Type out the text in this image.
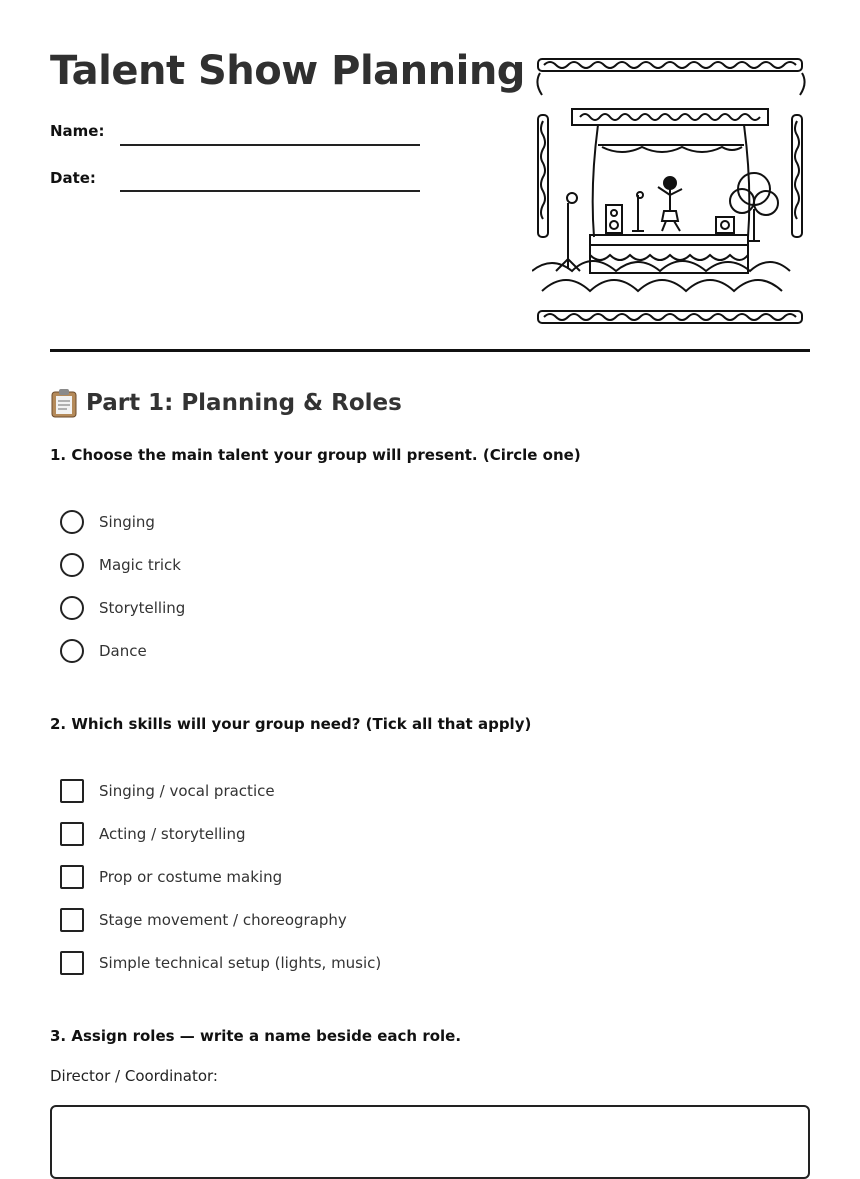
Talent Show Planning
Name:
Date:
Part 1: Planning & Roles
1. Choose the main talent your group will present. (Circle one)
Singing
Magic trick
Storytelling
Dance
2. Which skills will your group need? (Tick all that apply)
Singing / vocal practice
Acting / storytelling
Prop or costume making
Stage movement / choreography
Simple technical setup (lights, music)
3. Assign roles — write a name beside each role.
Director / Coordinator:
